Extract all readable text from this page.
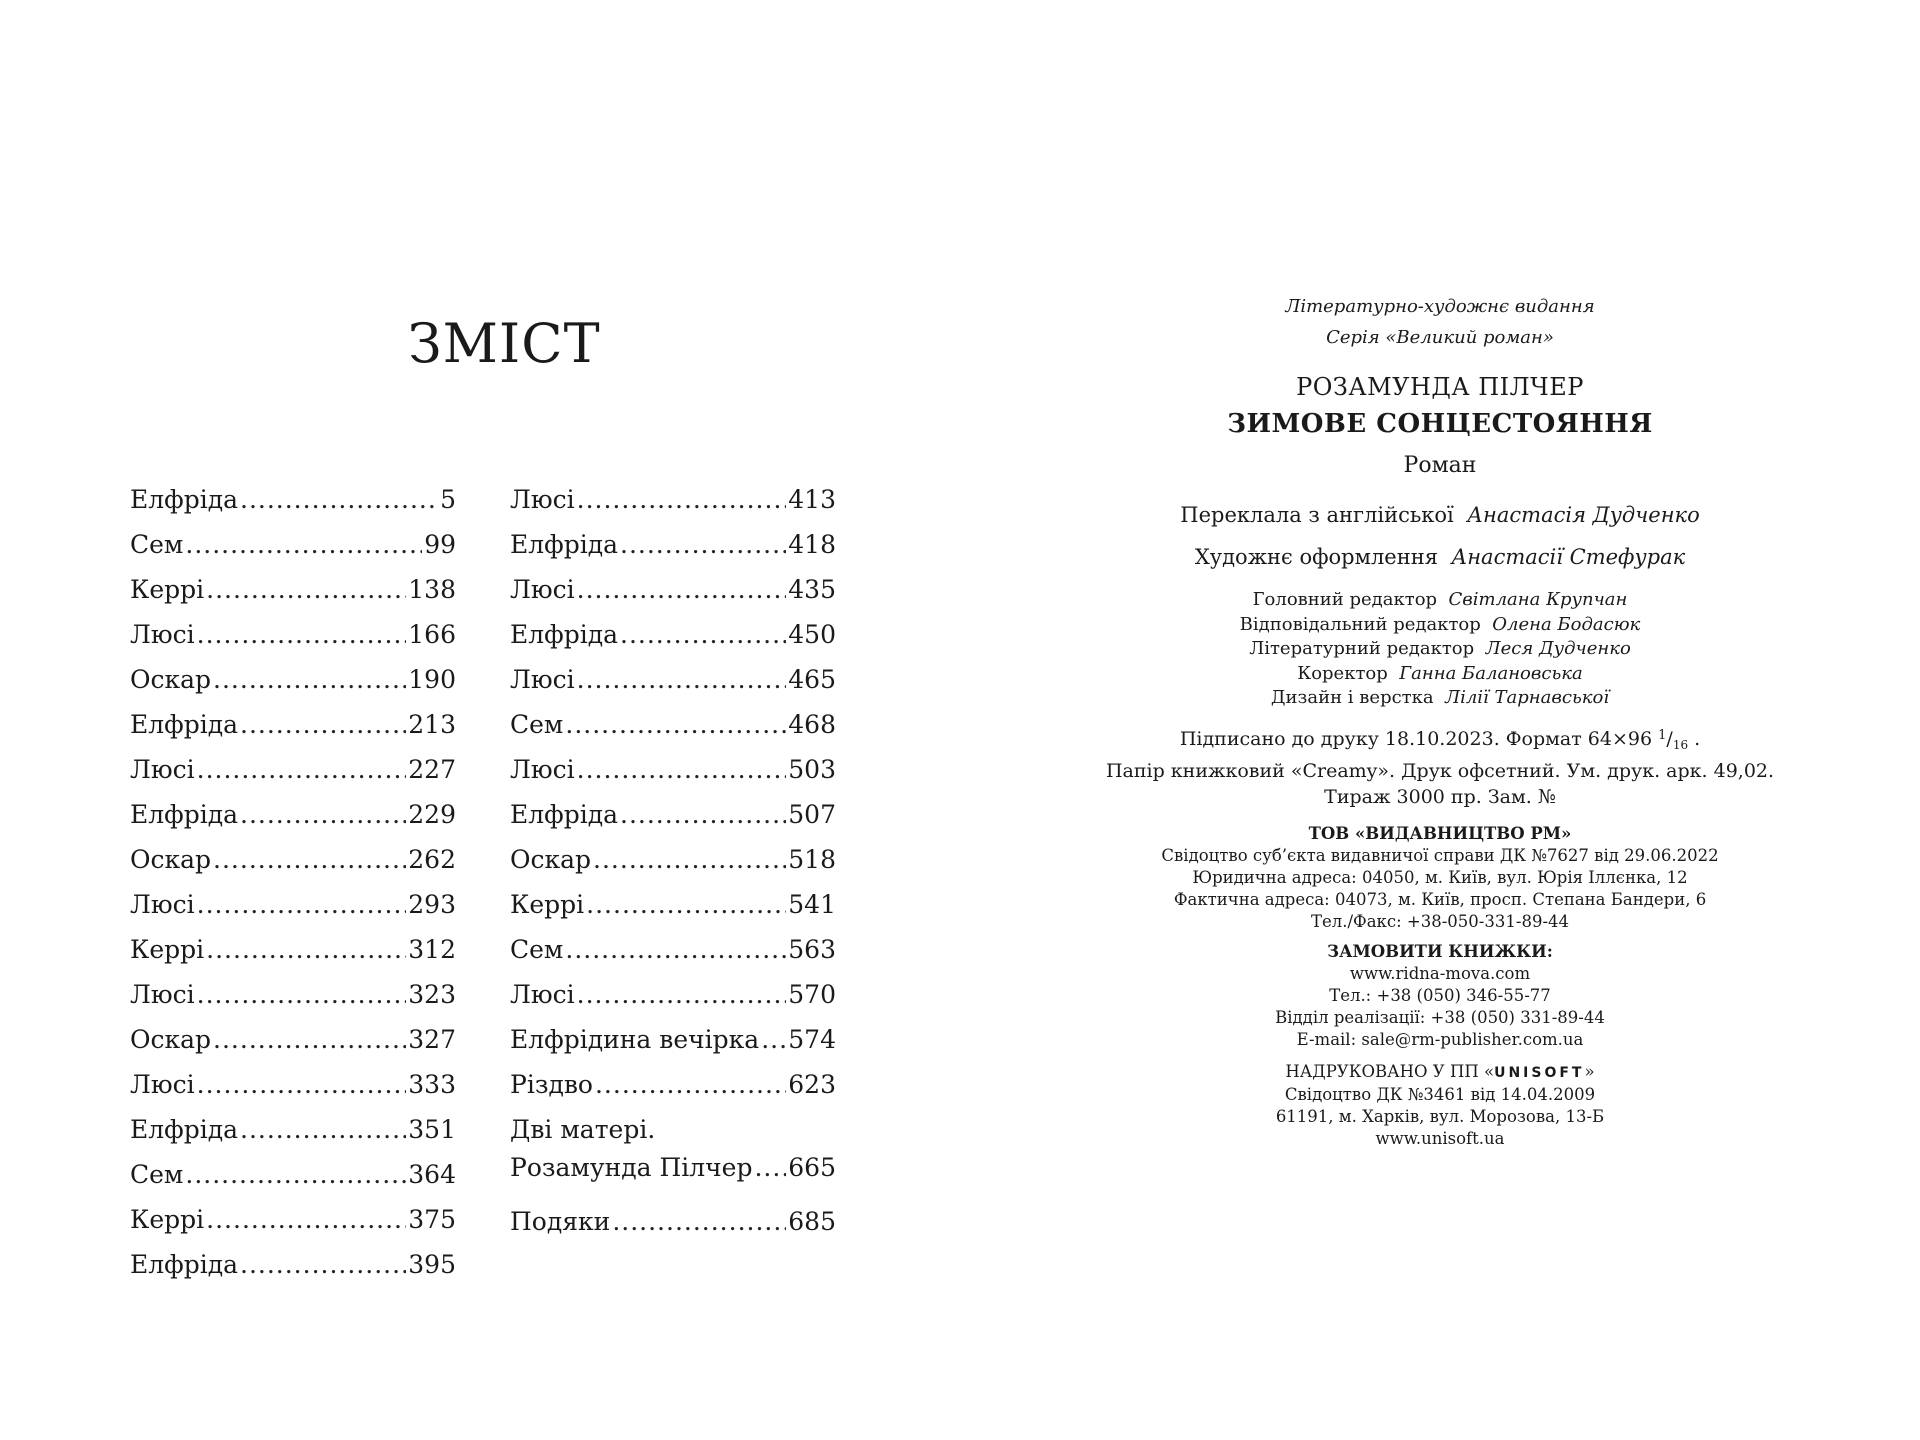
ЗМІСТ
Елфріда .....	5
Сем .....	99
Керрі .....	138
Люсі .....	166
Оскар .....	190
Елфріда .....	213
Люсі .....	227
Елфріда .....	229
Оскар .....	262
Люсі .....	293
Керрі .....	312
Люсі .....	323
Оскар .....	327
Люсі .....	333
Елфріда .....	351
Сем .....	364
Керрі .....	375
Елфріда .....	395
Люсі .....	413
Елфріда .....	418
Люсі .....	435
Елфріда .....	450
Люсі .....	465
Сем .....	468
Люсі .....	503
Елфріда .....	507
Оскар .....	518
Керрі .....	541
Сем .....	563
Люсі .....	570
Елфрідина вечірка ..... 574
Різдво .....	623
Дві матері.
Розамунда Пілчер ..... 665
Подяки .....	685
Літературно-художнє видання
Серія «Великий роман»
РОЗАМУНДА ПІЛЧЕР
ЗИМОВЕ СОНЦЕСТОЯННЯ
Роман
Переклала з англійської Анастасія Дудченко
Художнє оформлення Анастасії Стефурак
Головний редактор Світлана Крупчан
Відповідальний редактор Олена Бодасюк
Літературний редактор Леся Дудченко
Коректор Ганна Балановська
Дизайн і верстка Лілії Тарнавської
Підписано до друку 18.10.2023. Формат 64×96 $^1/_{16}$ .
Папір книжковий «Creamy». Друк офсетний. Ум. друк. арк. 49,02.
Тираж 3000 пр. Зам. №
ТОВ «ВИДАВНИЦТВО РМ»
Свідоцтво суб’єкта видавничої справи ДК №7627 від 29.06.2022
Юридична адреса: 04050, м. Київ, вул. Юрія Іллєнка, 12
Фактична адреса: 04073, м. Київ, просп. Степана Бандери, 6
Тел./Факс: +38-050-331-89-44
ЗАМОВИТИ КНИЖКИ:
www.ridna-mova.com
Тел.: +38 (050) 346-55-77
Відділ реалізації: +38 (050) 331-89-44
E-mail: sale@rm-publisher.com.ua
НАДРУКОВАНО У ПП «UNISOFT»
Свідоцтво ДК №3461 від 14.04.2009
61191, м. Харків, вул. Морозова, 13-Б
www.unisoft.ua
